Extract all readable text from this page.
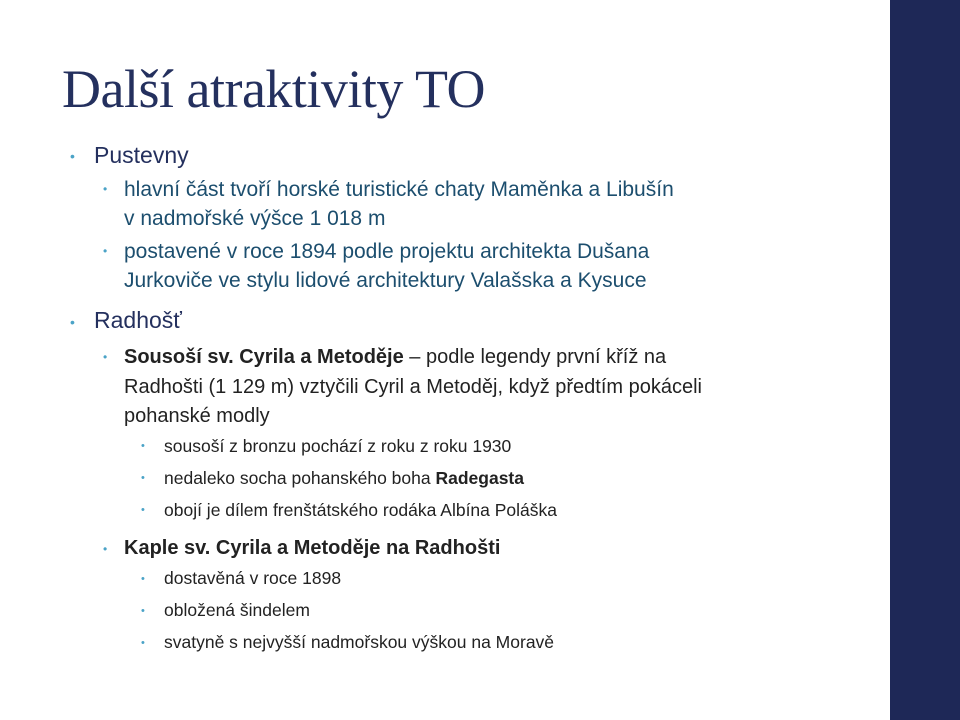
Další atraktivity TO
• Pustevny
• hlavní část tvoří horské turistické chaty Maměnka a Libušín
v nadmořské výšce 1 018 m
• postavené v roce 1894 podle projektu architekta Dušana
Jurkoviče ve stylu lidové architektury Valašska a Kysuce
• Radhošť
• Sousoší sv. Cyrila a Metoděje – podle legendy první kříž na
Radhošti (1 129 m) vztyčili Cyril a Metoděj, když předtím pokáceli
pohanské modly
• sousoší z bronzu pochází z roku z roku 1930
• nedaleko socha pohanského boha Radegasta
• obojí je dílem frenštátského rodáka Albína Poláška
• Kaple sv. Cyrila a Metoděje na Radhošti
• dostavěná v roce 1898
• obložená šindelem
• svatyně s nejvyšší nadmořskou výškou na Moravě
